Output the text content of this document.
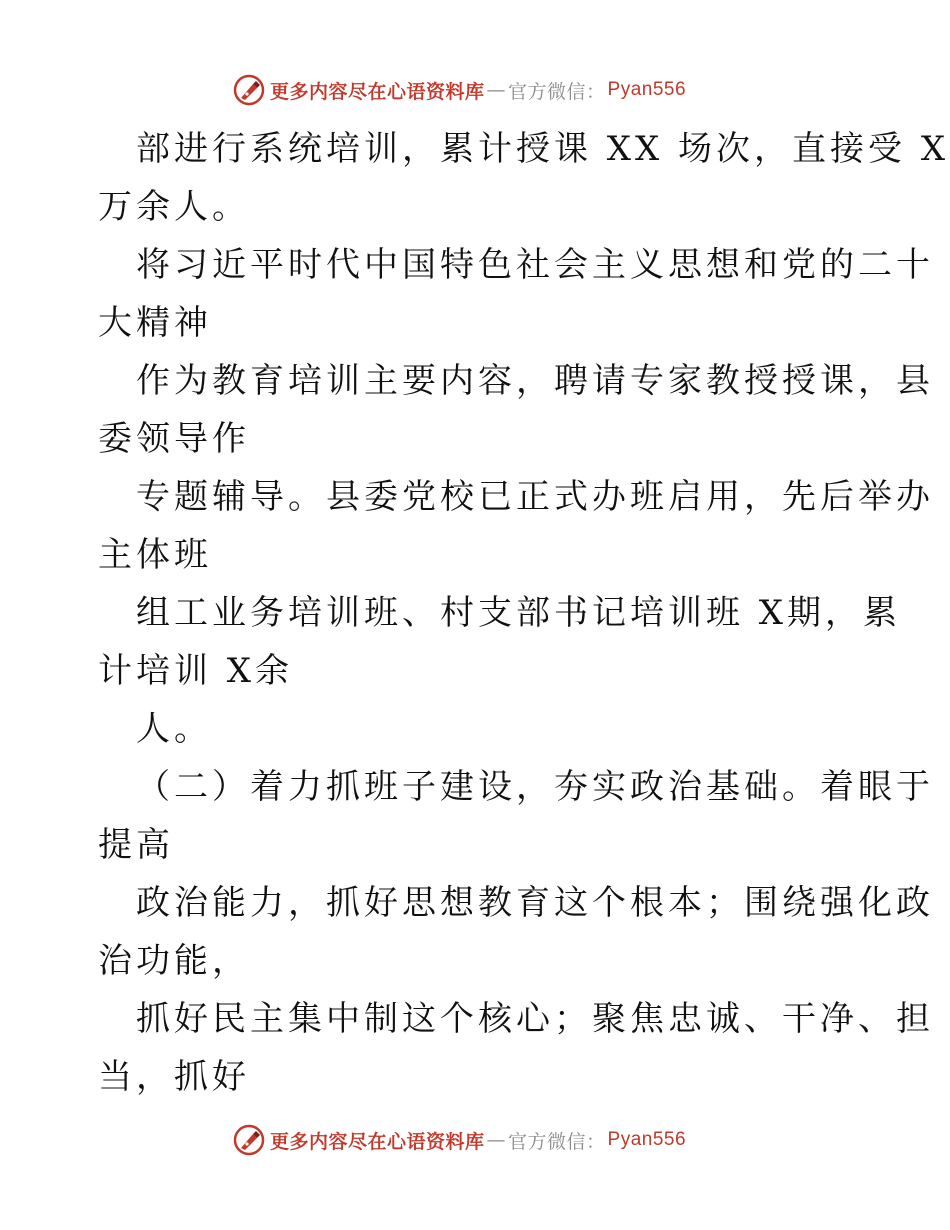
更多内容尽在心语资料库 — 官方微信： Pyan556
部进行系统培训，累计授课 XX 场次，直接受 X
万余人。
将习近平时代中国特色社会主义思想和党的二十
大精神
作为教育培训主要内容，聘请专家教授授课，县
委领导作
专题辅导。县委党校已正式办班启用，先后举办
主体班
组工业务培训班、村支部书记培训班 X期，累
计培训 X余
人。
（二）着力抓班子建设，夯实政治基础。着眼于
提高
政治能力，抓好思想教育这个根本；围绕强化政
治功能，
抓好民主集中制这个核心；聚焦忠诚、干净、担
当，抓好
更多内容尽在心语资料库 — 官方微信： Pyan556
